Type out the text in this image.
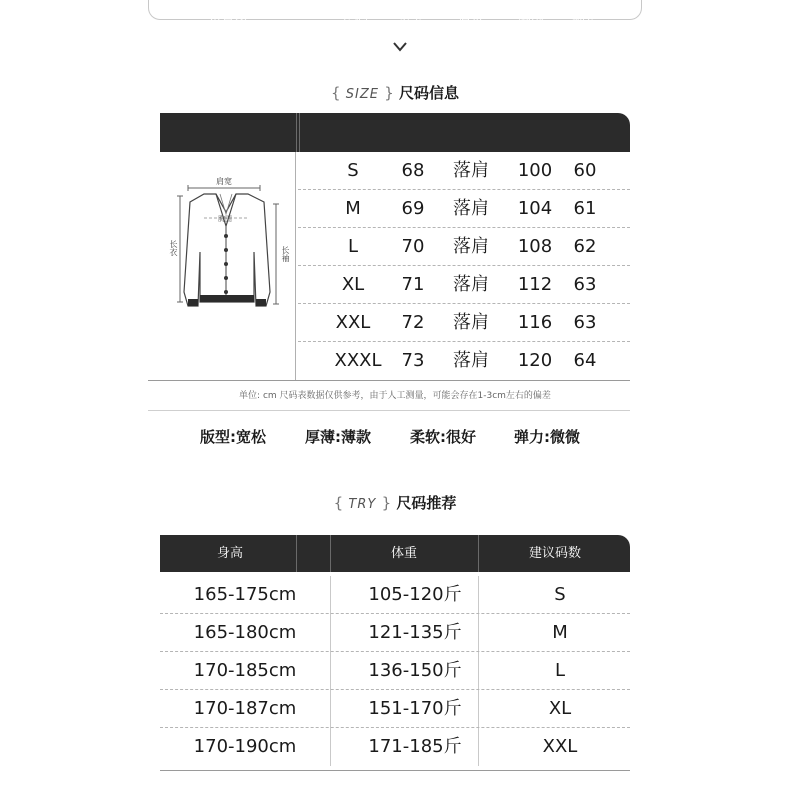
{ SIZE } 尺码信息
示意图	尺码	衣长	肩宽	胸围	袖长
肩宽
胸围
长衣	长袖
S	68	落肩	100	60
M	69	落肩	104	61
L	70	落肩	108	62
XL	71	落肩	112	63
XXL	72	落肩	116	63
XXXL	73	落肩	120	64
单位: cm 尺码表数据仅供参考，由于人工测量，可能会存在1-3cm左右的偏差
版型:宽松	厚薄:薄款	柔软:很好	弹力:微微
{ TRY } 尺码推荐
身高	体重	建议码数
165-175cm	105-120斤	S
165-180cm	121-135斤	M
170-185cm	136-150斤	L
170-187cm	151-170斤	XL
170-190cm	171-185斤	XXL
